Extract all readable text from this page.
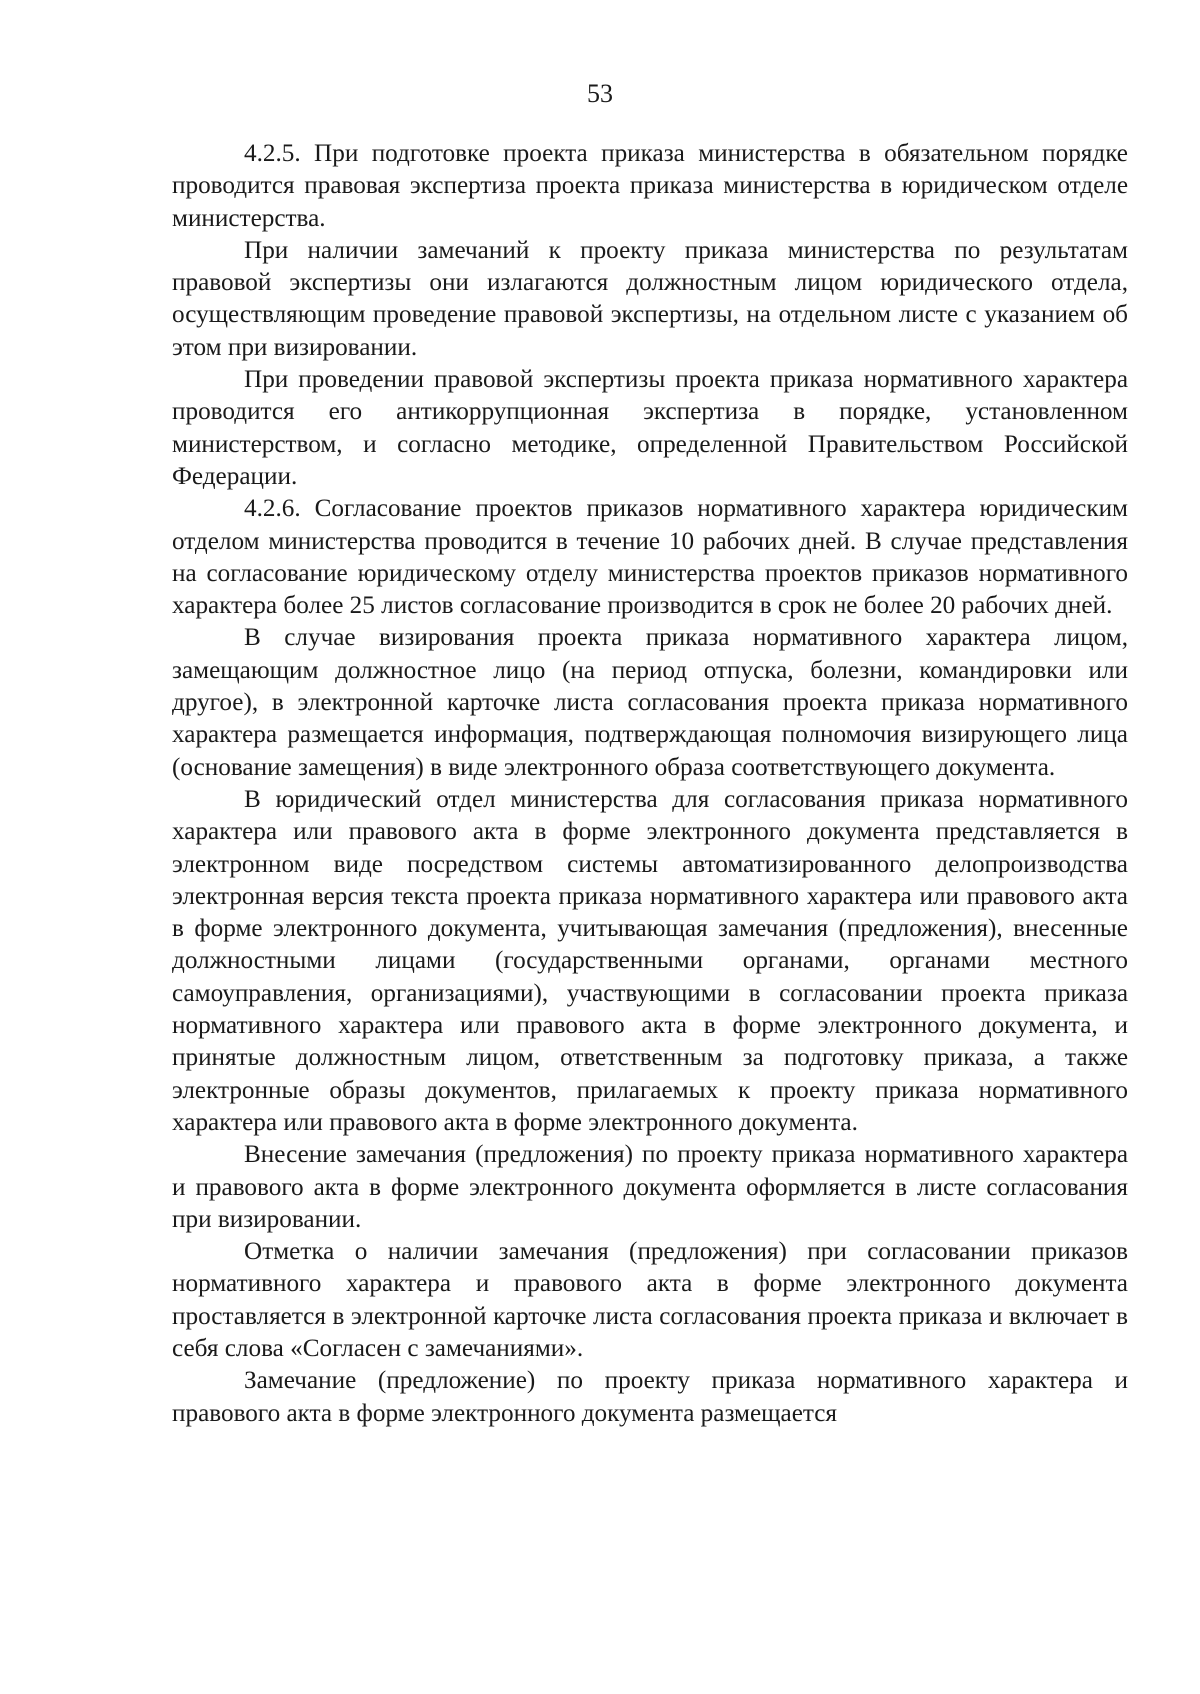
53

4.2.5. При подготовке проекта приказа министерства в обязательном порядке проводится правовая экспертиза проекта приказа министерства в юридическом отделе министерства.

При наличии замечаний к проекту приказа министерства по результатам правовой экспертизы они излагаются должностным лицом юридического отдела, осуществляющим проведение правовой экспертизы, на отдельном листе с указанием об этом при визировании.

При проведении правовой экспертизы проекта приказа нормативного характера проводится его антикоррупционная экспертиза в порядке, установленном министерством, и согласно методике, определенной Правительством Российской Федерации.

4.2.6. Согласование проектов приказов нормативного характера юридическим отделом министерства проводится в течение 10 рабочих дней. В случае представления на согласование юридическому отделу министерства проектов приказов нормативного характера более 25 листов согласование производится в срок не более 20 рабочих дней.

В случае визирования проекта приказа нормативного характера лицом, замещающим должностное лицо (на период отпуска, болезни, командировки или другое), в электронной карточке листа согласования проекта приказа нормативного характера размещается информация, подтверждающая полномочия визирующего лица (основание замещения) в виде электронного образа соответствующего документа.

В юридический отдел министерства для согласования приказа нормативного характера или правового акта в форме электронного документа представляется в электронном виде посредством системы автоматизированного делопроизводства электронная версия текста проекта приказа нормативного характера или правового акта в форме электронного документа, учитывающая замечания (предложения), внесенные должностными лицами (государственными органами, органами местного самоуправления, организациями), участвующими в согласовании проекта приказа нормативного характера или правового акта в форме электронного документа, и принятые должностным лицом, ответственным за подготовку приказа, а также электронные образы документов, прилагаемых к проекту приказа нормативного характера или правового акта в форме электронного документа.

Внесение замечания (предложения) по проекту приказа нормативного характера и правового акта в форме электронного документа оформляется в листе согласования при визировании.

Отметка о наличии замечания (предложения) при согласовании приказов нормативного характера и правового акта в форме электронного документа проставляется в электронной карточке листа согласования проекта приказа и включает в себя слова «Согласен с замечаниями».

Замечание (предложение) по проекту приказа нормативного характера и правового акта в форме электронного документа размещается
